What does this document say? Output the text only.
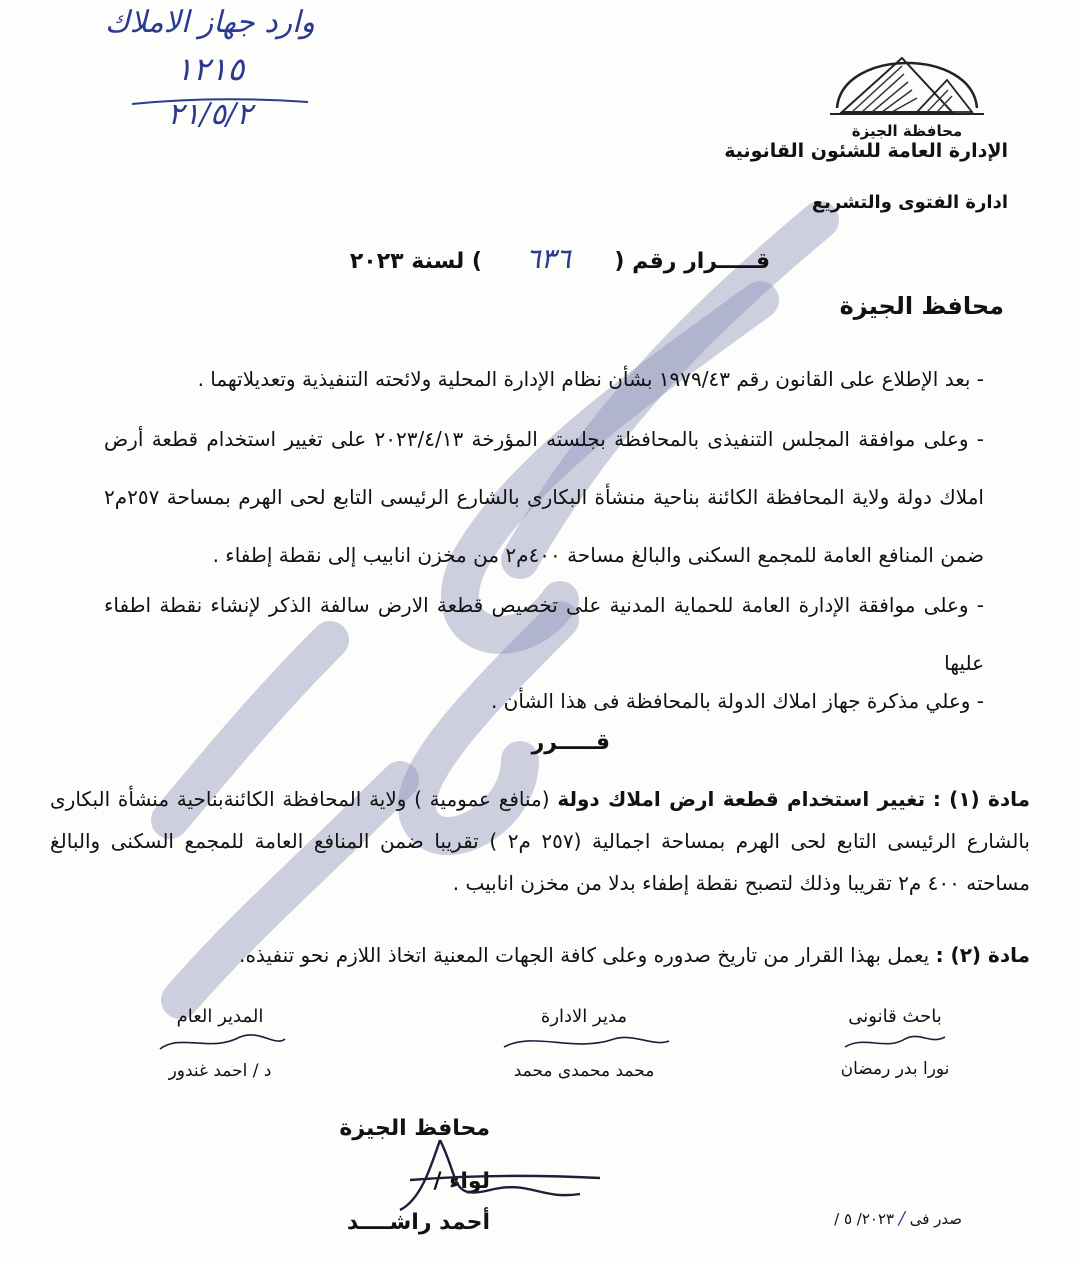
وارد جهاز الاملاك
١٢١٥
٢١/٥/٢	محافظة الجيزة
الإدارة العامة للشئون القانونية
ادارة الفتوى والتشريع
قـــــرار رقم ( ٦٣٦ ) لسنة ٢٠٢٣
محافظ الجيزة
- بعد الإطلاع على القانون رقم ١٩٧٩/٤٣ بشأن نظام الإدارة المحلية ولائحته التنفيذية وتعديلاتهما .
- وعلى موافقة المجلس التنفيذى بالمحافظة بجلسته المؤرخة ٢٠٢٣/٤/١٣ على تغيير استخدام قطعة أرض املاك دولة ولاية المحافظة الكائنة بناحية منشأة البكارى بالشارع الرئيسى التابع لحى الهرم بمساحة ٢٥٧م٢ ضمن المنافع العامة للمجمع السكنى والبالغ مساحة ٤٠٠م٢ من مخزن انابيب إلى نقطة إطفاء .
- وعلى موافقة الإدارة العامة للحماية المدنية على تخصيص قطعة الارض سالفة الذكر لإنشاء نقطة اطفاء عليها
- وعلي مذكرة جهاز املاك الدولة بالمحافظة فى هذا الشأن .
قـــــرر
مادة (١) : تغيير استخدام قطعة ارض املاك دولة (منافع عمومية ) ولاية المحافظة الكائنةبناحية منشأة البكارى بالشارع الرئيسى التابع لحى الهرم بمساحة اجمالية (٢٥٧ م٢ ) تقريبا ضمن المنافع العامة للمجمع السكنى والبالغ مساحته ٤٠٠ م٢ تقريبا وذلك لتصبح نقطة إطفاء بدلا من مخزن انابيب .
مادة (٢) : يعمل بهذا القرار من تاريخ صدوره وعلى كافة الجهات المعنية اتخاذ اللازم نحو تنفيذه.
باحث قانونى
نورا بدر رمضان
مدير الادارة
محمد محمدى محمد
المدير العام
د / احمد غندور
محافظ الجيزة
لواء /
أحمد راشــــد	صدر فى / ٢٠٢٣/ ٥ /
